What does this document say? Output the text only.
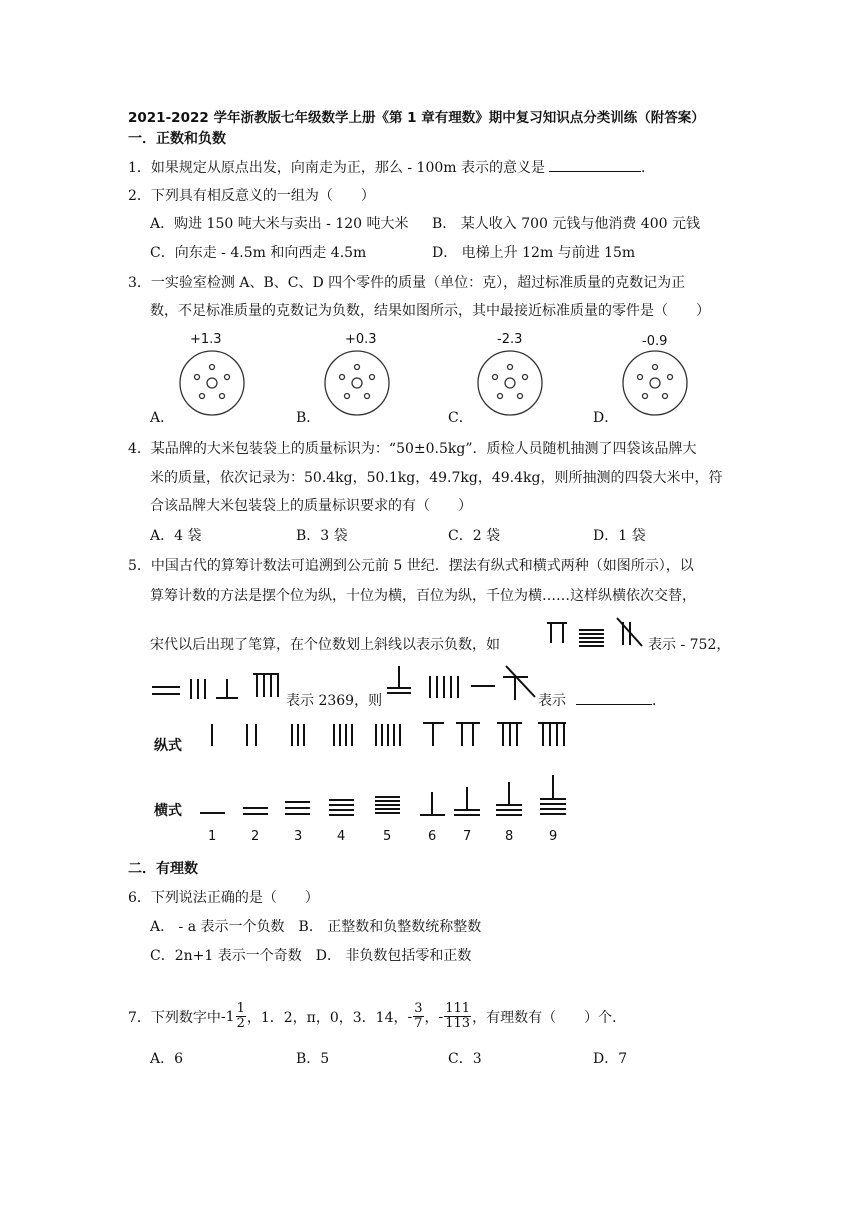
2021-2022 学年浙教版七年级数学上册《第 1 章有理数》期中复习知识点分类训练（附答案）
一．正数和负数
1．如果规定从原点出发，向南走为正，那么 - 100m 表示的意义是	．
2．下列具有相反意义的一组为（　　）
A．购进 150 吨大米与卖出 - 120 吨大米 B． 某人收入 700 元钱与他消费 400 元钱
C．向东走 - 4.5m 和向西走 4.5m	D． 电梯上升 12m 与前进 15m
3．一实验室检测 A、B、C、D 四个零件的质量（单位：克），超过标准质量的克数记为正
数，不足标准质量的克数记为负数，结果如图所示，其中最接近标准质量的零件是（　　）
+1.3	+0.3	-2.3	-0.9
A．	B．	C．	D．
4．某品牌的大米包装袋上的质量标识为：“50±0.5kg”．质检人员随机抽测了四袋该品牌大
米的质量，依次记录为：50.4kg，50.1kg，49.7kg，49.4kg，则所抽测的四袋大米中，符
合该品牌大米包装袋上的质量标识要求的有（　　）
A．4 袋	B．3 袋	C．2 袋	D．1 袋
5．中国古代的算筹计数法可追溯到公元前 5 世纪．摆法有纵式和横式两种（如图所示），以
算筹计数的方法是摆个位为纵，十位为横，百位为纵，千位为横……这样纵横依次交替，
宋代以后出现了笔算，在个位数划上斜线以表示负数，如	表示 - 752，
表示 2369，则	表示	．
纵式
横式
1	2	3	4	5	6 7	8	9
二．有理数
6．下列说法正确的是（　　）
A． - a 表示一个负数　B． 正整数和负整数统称整数
C．2n+1 表示一个奇数　D． 非负数包括零和正数
7．下列数字中 $-1 \frac{1}{2}$ ，1．2，π，0，3．14， - $\frac{3}{7}$ ， - $\frac{111}{113}$ ，有理数有（　　）个．
A．6	B．5	C．3	D．7
